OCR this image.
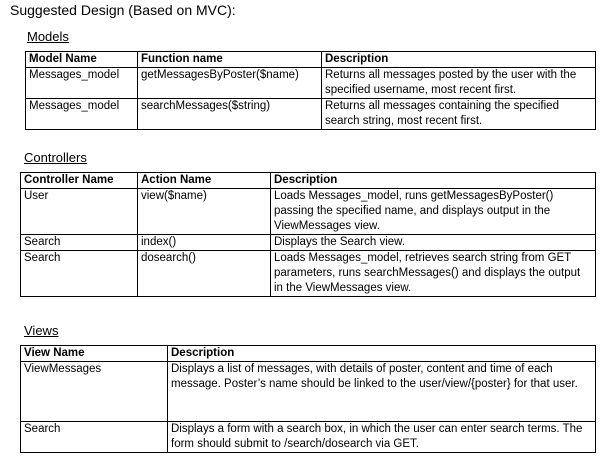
Suggested Design (Based on MVC):
Models
Model Name	Function name	Description
Messages_model	getMessagesByPoster($name)	Returns all messages posted by the user with the specified username, most recent first.
Messages_model	searchMessages($string)	Returns all messages containing the specified search string, most recent first.
Controllers
Controller Name	Action Name	Description
User	view($name)	Loads Messages_model, runs getMessagesByPoster() passing the specified name, and displays output in the ViewMessages view.
Search	index()	Displays the Search view.
Search	dosearch()	Loads Messages_model, retrieves search string from GET parameters, runs searchMessages() and displays the output in the ViewMessages view.
Views
View Name	Description
ViewMessages	Displays a list of messages, with details of poster, content and time of each message. Poster’s name should be linked to the user/view/{poster} for that user.
Search	Displays a form with a search box, in which the user can enter search terms. The form should submit to /search/dosearch via GET.
